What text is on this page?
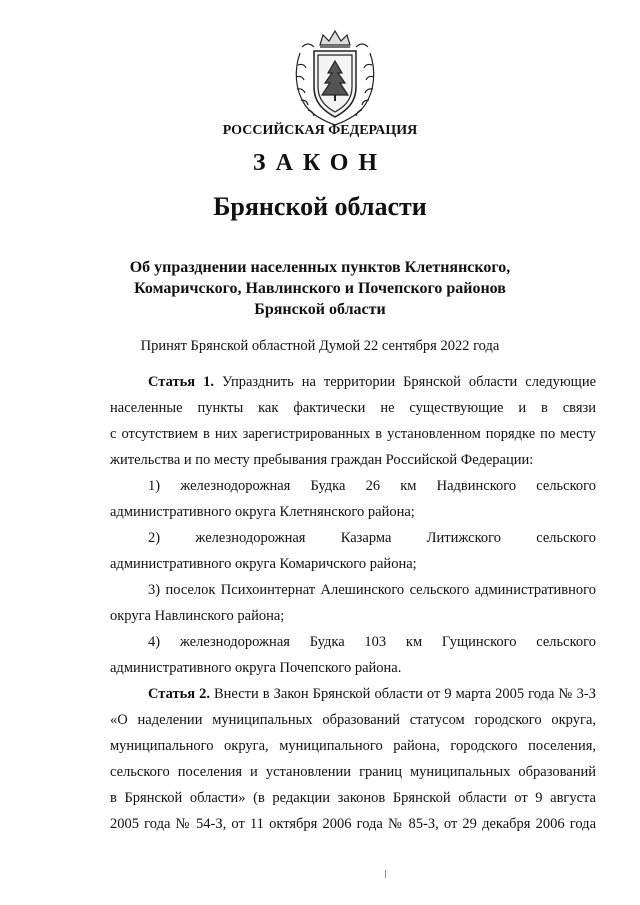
РОССИЙСКАЯ ФЕДЕРАЦИЯ
ЗАКОН
Брянской области
Об упразднении населенных пунктов Клетнянского,
Комаричского, Навлинского и Почепского районов
Брянской области
Принят Брянской областной Думой 22 сентября 2022 года
Статья 1. Упразднить на территории Брянской области следующие
населенные пункты как фактически не существующие и в связи
с отсутствием в них зарегистрированных в установленном порядке по месту
жительства и по месту пребывания граждан Российской Федерации:
1) железнодорожная Будка 26 км Надвинского сельского
административного округа Клетнянского района;
2) железнодорожная Казарма Литижского сельского
административного округа Комаричского района;
3) поселок Психоинтернат Алешинского сельского административного
округа Навлинского района;
4) железнодорожная Будка 103 км Гущинского сельского
административного округа Почепского района.
Статья 2. Внести в Закон Брянской области от 9 марта 2005 года № 3-З
«О наделении муниципальных образований статусом городского округа,
муниципального округа, муниципального района, городского поселения,
сельского поселения и установлении границ муниципальных образований
в Брянской области» (в редакции законов Брянской области от 9 августа
2005 года № 54-З, от 11 октября 2006 года № 85-З, от 29 декабря 2006 года
